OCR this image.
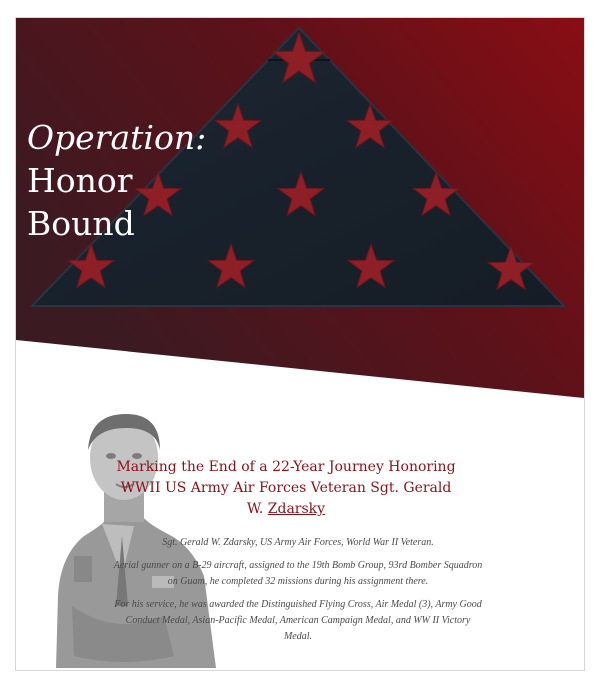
Operation:
Honor
Bound
Marking the End of a 22-Year Journey Honoring WWII US Army Air Forces Veteran Sgt. Gerald W. Zdarsky

Sgt. Gerald W. Zdarsky, US Army Air Forces, World War II Veteran.

Aerial gunner on a B-29 aircraft, assigned to the 19th Bomb Group, 93rd Bomber Squadron on Guam, he completed 32 missions during his assignment there.

For his service, he was awarded the Distinguished Flying Cross, Air Medal (3), Army Good Conduct Medal, Asian-Pacific Medal, American Campaign Medal, and WW II Victory Medal.
